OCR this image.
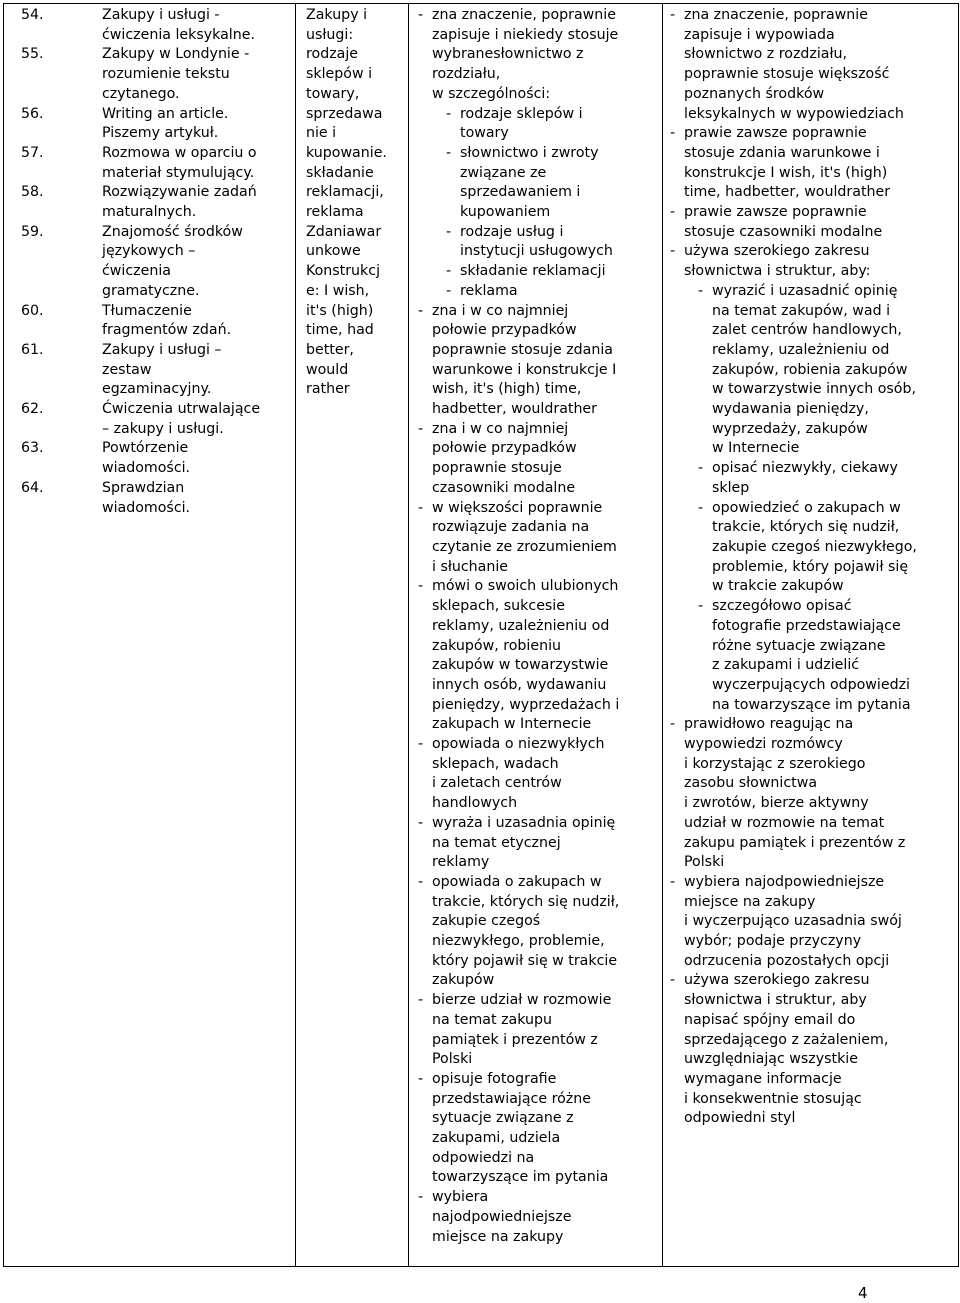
54.

55.

56.

57.

58.

59.

60.

61.

62.

63.

64.

Zakupy i usługi -
ćwiczenia leksykalne.
Zakupy w Londynie -
rozumienie tekstu
czytanego.
Writing an article.
Piszemy artykuł.
Rozmowa w oparciu o
materiał stymulujący.
Rozwiązywanie zadań
maturalnych.
Znajomość środków
językowych –
ćwiczenia
gramatyczne.
Tłumaczenie
fragmentów zdań.
Zakupy i usługi –
zestaw
egzaminacyjny.
Ćwiczenia utrwalające
– zakupy i usługi.
Powtórzenie
wiadomości.
Sprawdzian
wiadomości.
Zakupy i
usługi:
rodzaje
sklepów i
towary,
sprzedawa
nie i
kupowanie.
składanie
reklamacji,
reklama
Zdaniawar
unkowe
Konstrukcj
e: I wish,
it's (high)
time, had
better,
would
rather
- zna znaczenie, poprawnie
zapisuje i niekiedy stosuje
wybranesłownictwo z
rozdziału,
w szczególności:
- rodzaje sklepów i
towary
- słownictwo i zwroty
związane ze
sprzedawaniem i
kupowaniem
- rodzaje usług i
instytucji usługowych
- składanie reklamacji
- reklama
- zna i w co najmniej
połowie przypadków
poprawnie stosuje zdania
warunkowe i konstrukcje I
wish, it's (high) time,
hadbetter, wouldrather
- zna i w co najmniej
połowie przypadków
poprawnie stosuje
czasowniki modalne
- w większości poprawnie
rozwiązuje zadania na
czytanie ze zrozumieniem
i słuchanie
- mówi o swoich ulubionych
sklepach, sukcesie
reklamy, uzależnieniu od
zakupów, robieniu
zakupów w towarzystwie
innych osób, wydawaniu
pieniędzy, wyprzedażach i
zakupach w Internecie
- opowiada o niezwykłych
sklepach, wadach
i zaletach centrów
handlowych
- wyraża i uzasadnia opinię
na temat etycznej
reklamy
- opowiada o zakupach w
trakcie, których się nudził,
zakupie czegoś
niezwykłego, problemie,
który pojawił się w trakcie
zakupów
- bierze udział w rozmowie
na temat zakupu
pamiątek i prezentów z
Polski
- opisuje fotografie
przedstawiające różne
sytuacje związane z
zakupami, udziela
odpowiedzi na
towarzyszące im pytania
- wybiera
najodpowiedniejsze
miejsce na zakupy
- zna znaczenie, poprawnie
zapisuje i wypowiada
słownictwo z rozdziału,
poprawnie stosuje większość
poznanych środków
leksykalnych w wypowiedziach
- prawie zawsze poprawnie
stosuje zdania warunkowe i
konstrukcje I wish, it's (high)
time, hadbetter, wouldrather
- prawie zawsze poprawnie
stosuje czasowniki modalne
- używa szerokiego zakresu
słownictwa i struktur, aby:
- wyrazić i uzasadnić opinię
na temat zakupów, wad i
zalet centrów handlowych,
reklamy, uzależnieniu od
zakupów, robienia zakupów
w towarzystwie innych osób,
wydawania pieniędzy,
wyprzedaży, zakupów
w Internecie
- opisać niezwykły, ciekawy
sklep
- opowiedzieć o zakupach w
trakcie, których się nudził,
zakupie czegoś niezwykłego,
problemie, który pojawił się
w trakcie zakupów
- szczegółowo opisać
fotografie przedstawiające
różne sytuacje związane
z zakupami i udzielić
wyczerpujących odpowiedzi
na towarzyszące im pytania
- prawidłowo reagując na
wypowiedzi rozmówcy
i korzystając z szerokiego
zasobu słownictwa
i zwrotów, bierze aktywny
udział w rozmowie na temat
zakupu pamiątek i prezentów z
Polski
- wybiera najodpowiedniejsze
miejsce na zakupy
i wyczerpująco uzasadnia swój
wybór; podaje przyczyny
odrzucenia pozostałych opcji
- używa szerokiego zakresu
słownictwa i struktur, aby
napisać spójny email do
sprzedającego z zażaleniem,
uwzględniając wszystkie
wymagane informacje
i konsekwentnie stosując
odpowiedni styl
4
